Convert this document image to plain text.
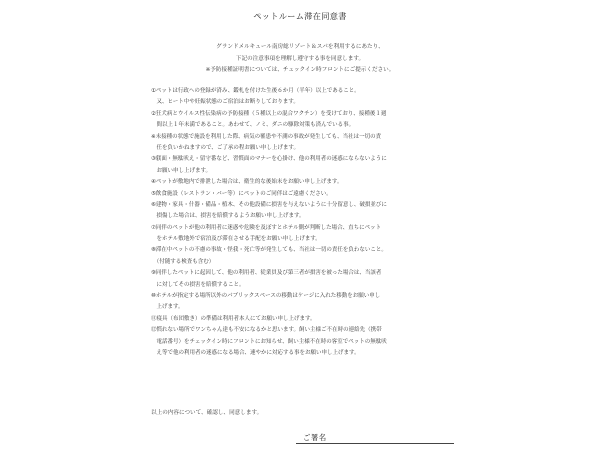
ペットルーム滞在同意書
グランドメルキュール南房総リゾート＆スパを利用するにあたり、
下記の注意事項を理解し遵守する事を同意します。
※予防接種証明書については、チェックイン時フロントにご提示ください。
①ペットは行政への登録が済み、鑑札を付けた生後６か月（半年）以上であること。
　又、ヒート中や妊娠状態のご宿泊はお断りしております。
②狂犬病とウイルス性伝染病の予防接種（５種以上の混合ワクチン）を受けており、接種後１週
　間以上１年未満であること。あわせて、ノミ、ダニの駆除対策も済んでいる事。
※未接種の状態で施設を利用した際、病気の罹患や不測の事故が発生しても、当社は一切の責
　任を負いかねますので、ご了承の程お願い申し上げます。
③躾面・無駄吠え・留守番など、習慣面のマナーを心掛け、他の利用者の迷惑にならないように
　お願い申し上げます。
④ペットが敷地内で排泄した場合は、衛生的な後始末をお願い申し上げます。
⑤飲食施設（レストラン・バー等）にペットのご同伴はご遠慮ください。
⑥建物・家具・什器・備品・植木、その他設備に損害を与えないように十分留意し、破損並びに
　損傷した場合は、損害を賠償するようお願い申し上げます。
⑦同伴のペットが他の利用者に迷惑や危険を及ぼすとホテル側が判断した場合、直ちにペット
　をホテル敷地外で宿泊及び滞在させる手配をお願い申し上げます。
⑧滞在中ペットの不慮の事故・怪我・死亡等が発生しても、当社は一切の責任を負わないこと。
　（付随する検査も含む）
⑨同伴したペットに起因して、他の利用者、従業員及び第三者が損害を被った場合は、当該者
　に対してその損害を賠償すること。
⑩ホテルが指定する場所以外のパブリックスペースの移動はケージに入れた移動をお願い申し
　上げます。
⑪寝具（布団敷き）の準備は利用者本人にてお願い申し上げます。
⑫慣れない場所でワンちゃん達も不安になるかと思います。飼い主様ご不在時の連絡先（携帯
　電話番号）をチェックイン時にフロントにお知らせ、飼い主様不在時の客室でペットの無駄吠
　え等で他の利用者の迷惑になる場合、速やかに対応する事をお願い申し上げます。
以上の内容について、確認し、同意します。
ご署名
